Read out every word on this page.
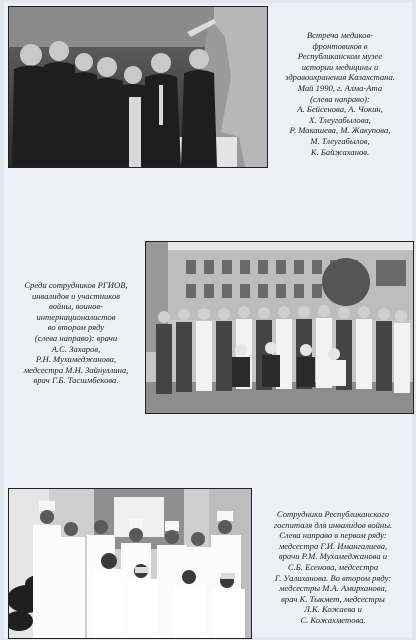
Встреча медиков-
фронтовиков в
Республиканском музее
истории медицины и
здравоохранения Казахстана.
Май 1990, г. Алма-Ата
(слева направо):
А. Бейсенова, А. Чокин,
Х. Тлеугабылова,
Р. Макашева, М. Жакупова,
М. Тлеугабылов,
К. Байжаханов.
Среди сотрудников РГИОВ,
инвалидов и участников
войны, воинов-
интернационалистов
во втором ряду
(слева направо): врачи
А.С. Захаров,
Р.Н. Мухамеджанова,
медсестра М.Н. Зайнуллина,
врач Г.Б. Тасшмбекова.
Сотрудники Республиканского
госпиталя для инвалидов войны.
Слева направо в первом ряду:
медсестра Г.И. Имангалиева,
врачи Р.М. Мухамеджанова и
С.Б. Есенова, медсестра
Г. Уалиханова. Во втором ряду:
медсестры М.А. Амирханова,
врач К. Тыкмет, медсестры
Л.К. Кожаева и
С. Кожахметова.
